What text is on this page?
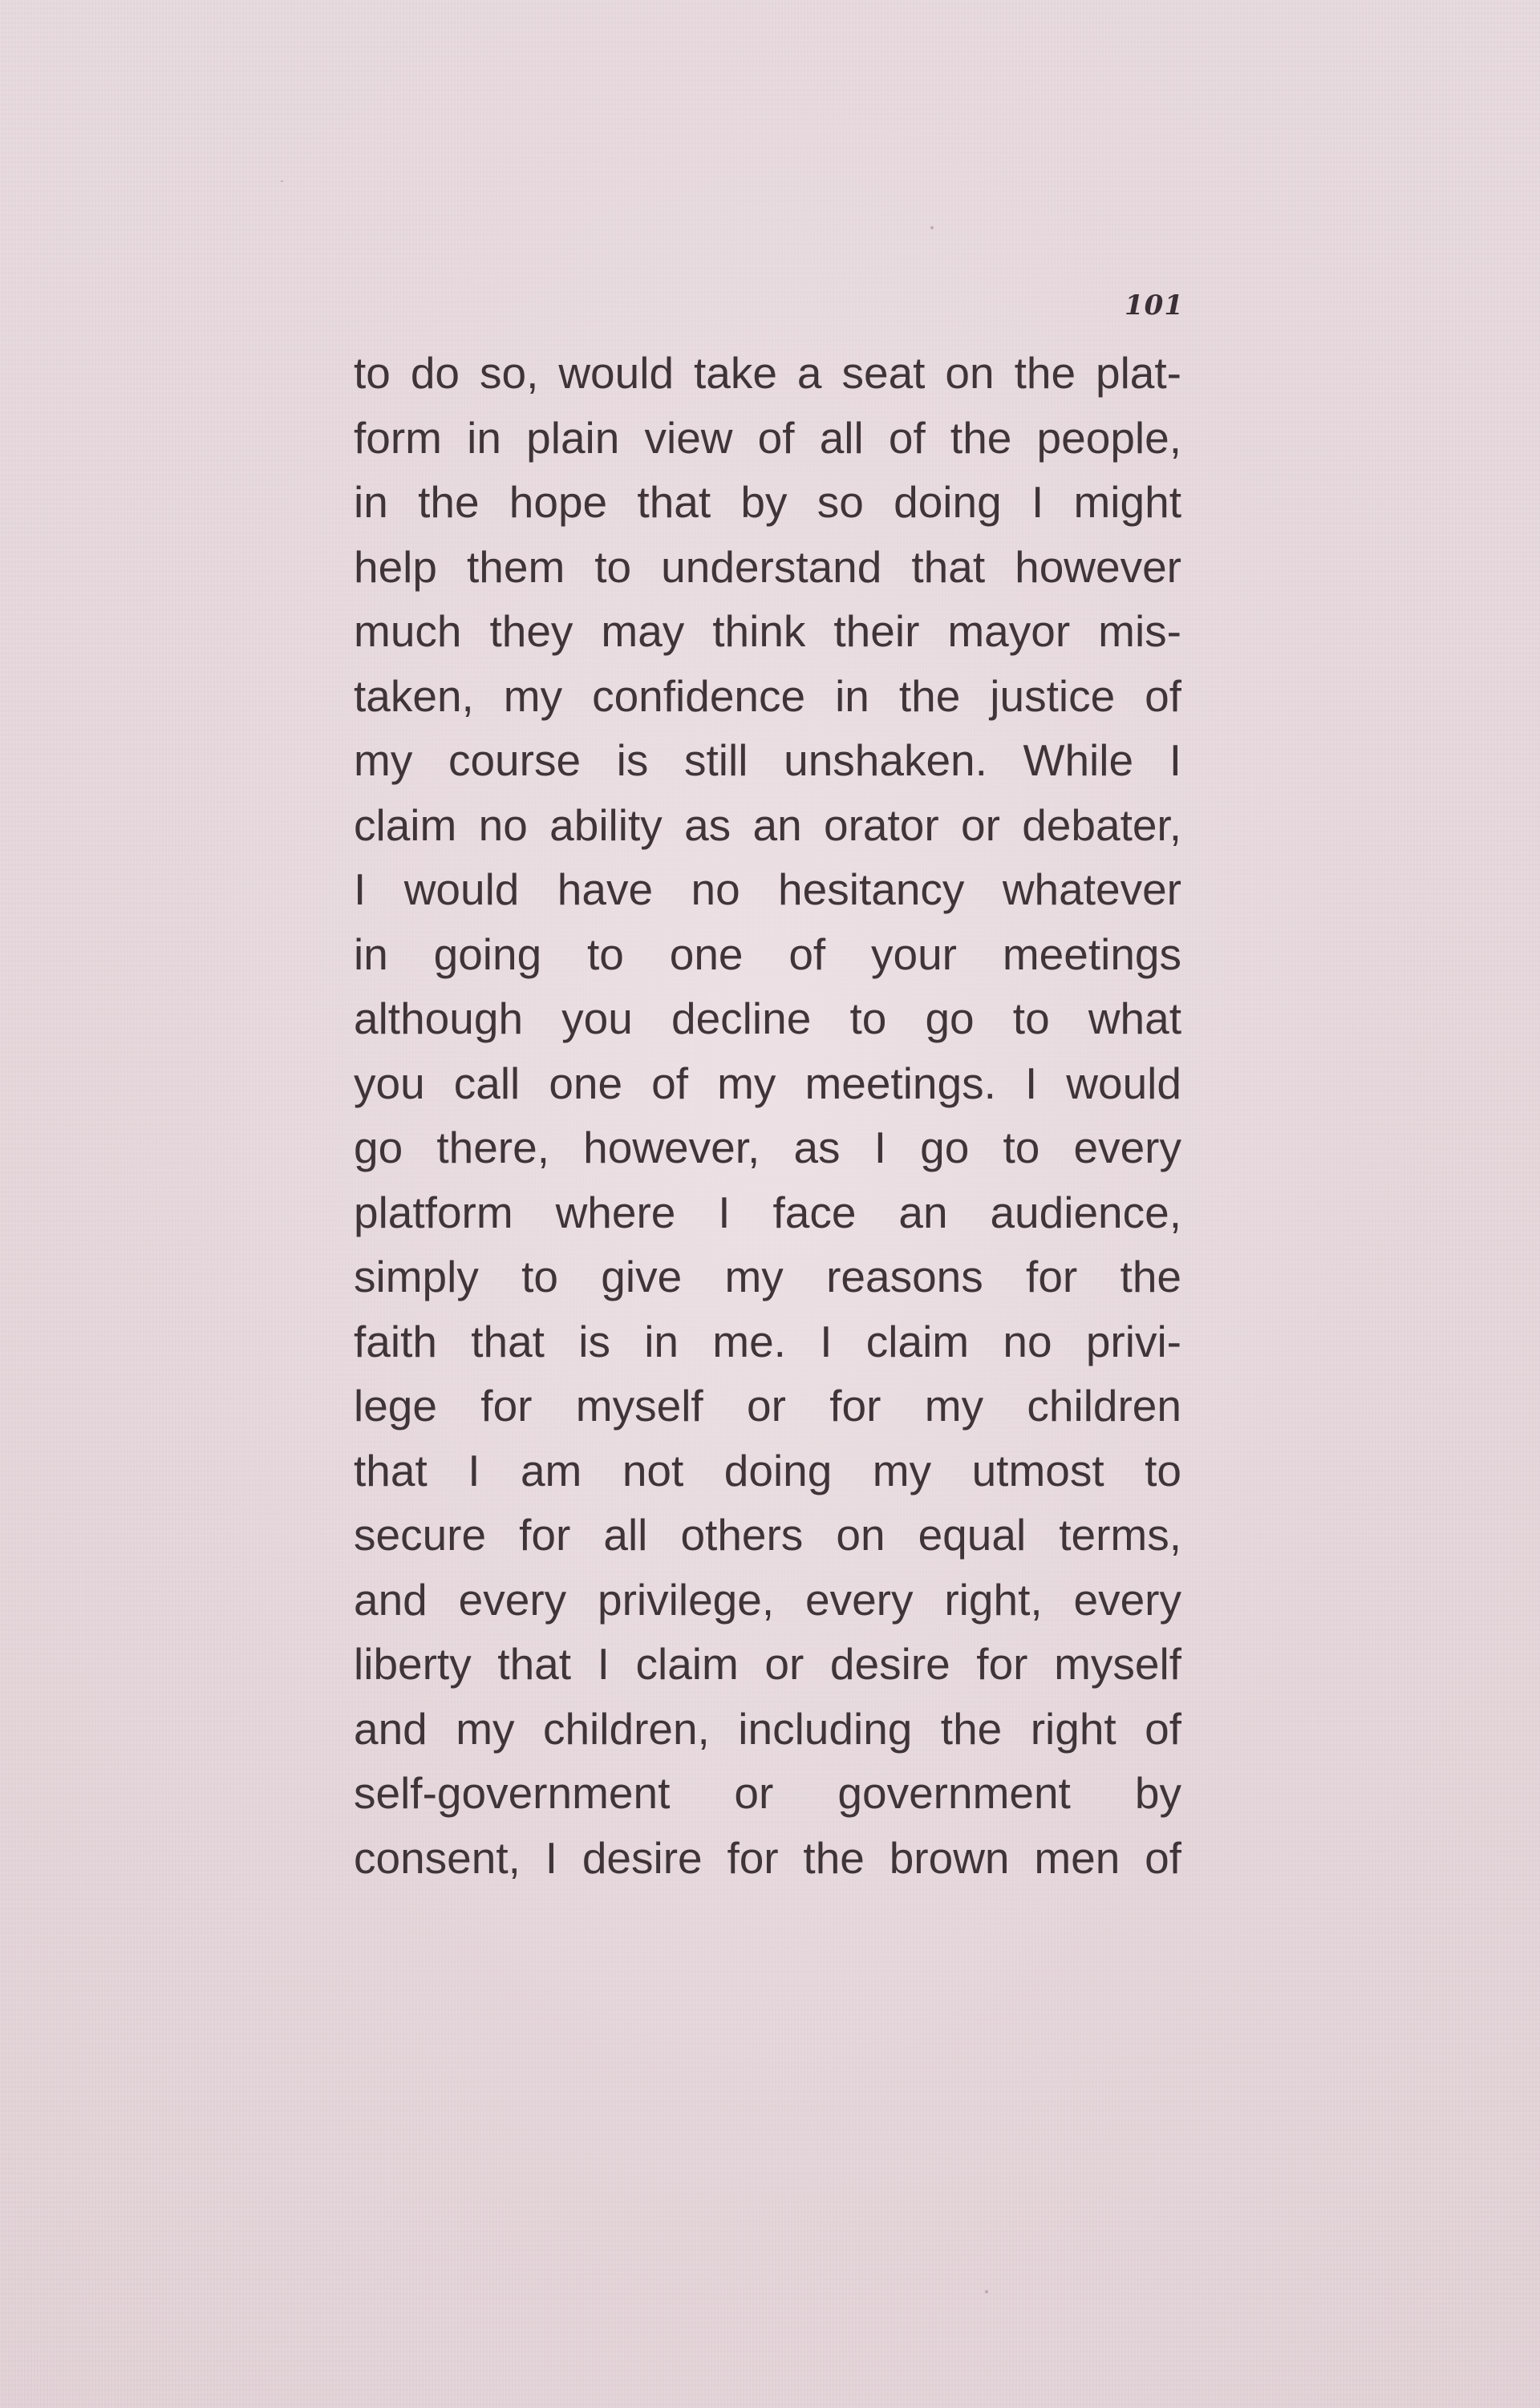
101
to do so, would take a seat on the plat-
form in plain view of all of the people,
in the hope that by so doing I might
help them to understand that however
much they may think their mayor mis-
taken, my confidence in the justice of
my course is still unshaken. While I
claim no ability as an orator or debater,
I would have no hesitancy whatever
in going to one of your meetings
although you decline to go to what
you call one of my meetings. I would
go there, however, as I go to every
platform where I face an audience,
simply to give my reasons for the
faith that is in me. I claim no privi-
lege for myself or for my children
that I am not doing my utmost to
secure for all others on equal terms,
and every privilege, every right, every
liberty that I claim or desire for myself
and my children, including the right of
self-government or government by
consent, I desire for the brown men of
